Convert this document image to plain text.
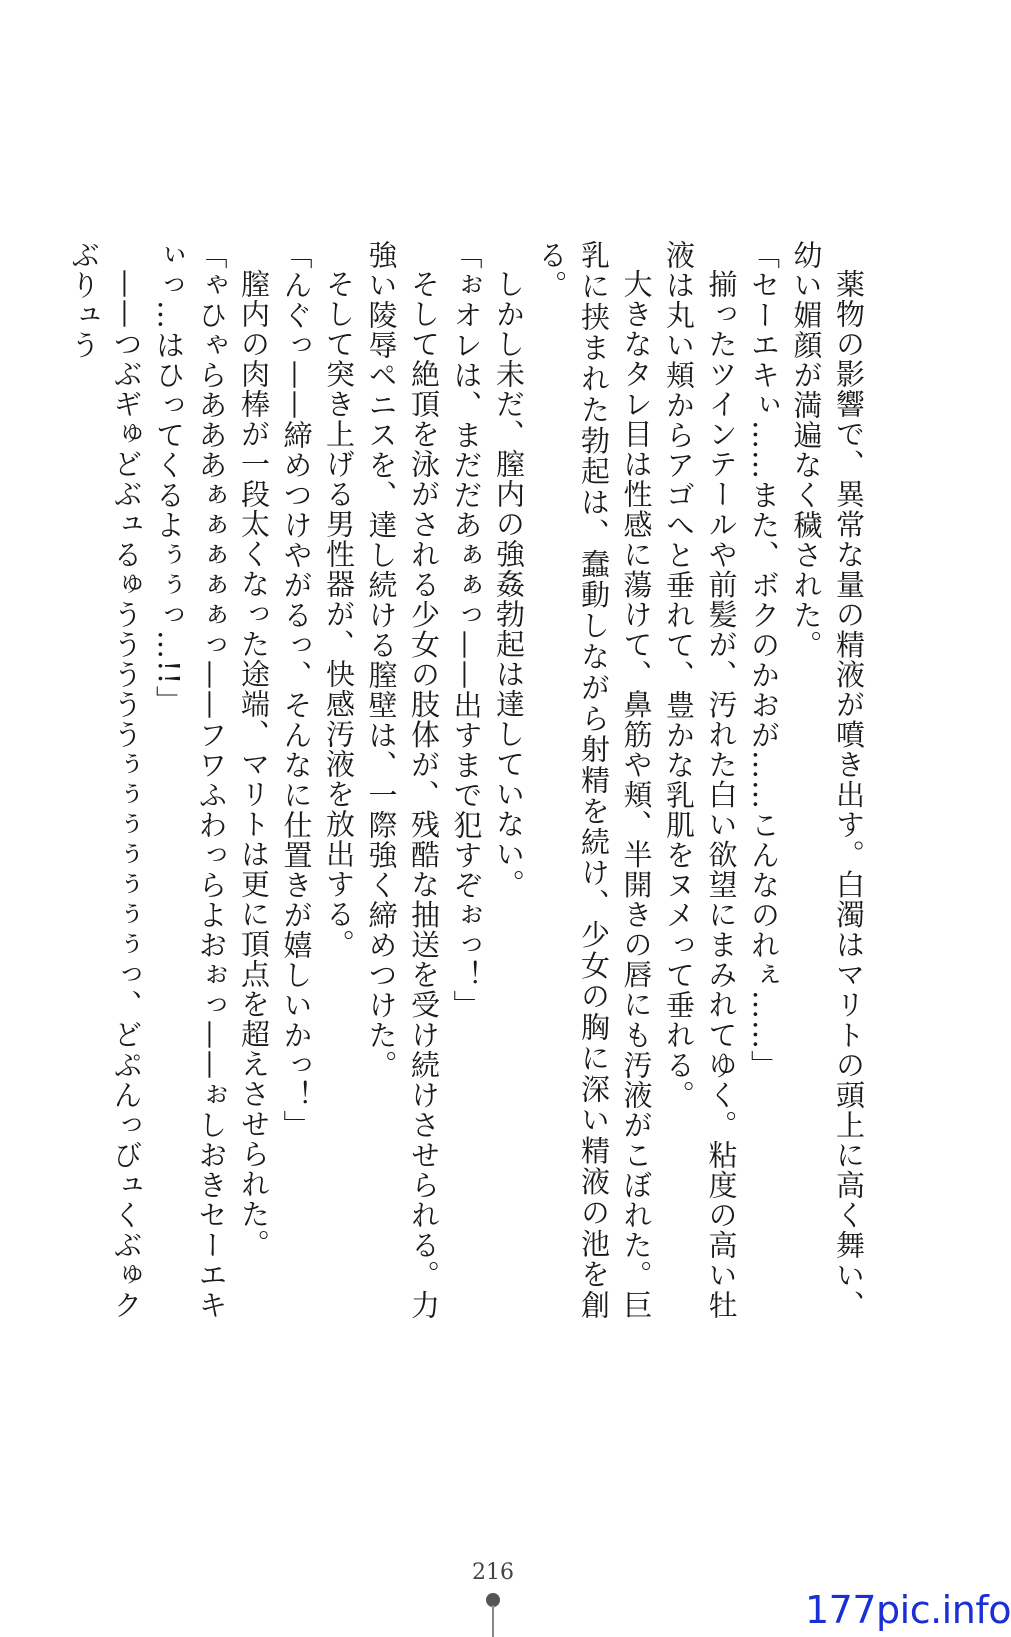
薬物の影響で、異常な量の精液が噴き出す。白濁はマリトの頭上に高く舞い、幼い媚顔が満遍なく穢された。

「セーエキぃ……また、ボクのかおが……こんなのれぇ……」

揃ったツインテールや前髪が、汚れた白い欲望にまみれてゆく。粘度の高い牡液は丸い頬からアゴへと垂れて、豊かな乳肌をヌメって垂れる。

大きなタレ目は性感に蕩けて、鼻筋や頬、半開きの唇にも汚液がこぼれた。巨乳に挟まれた勃起は、蠢動しながら射精を続け、少女の胸に深い精液の池を創る。

しかし未だ、膣内の強姦勃起は達していない。

「ぉオレは、まだだあぁぁっ——出すまで犯すぞぉっ！」

そして絶頂を泳がされる少女の肢体が、残酷な抽送を受け続けさせられる。力強い陵辱ペニスを、達し続ける膣壁は、一際強く締めつけた。

そして突き上げる男性器が、快感汚液を放出する。

「んぐっ——締めつけやがるっ、そんなに仕置きが嬉しいかっ！」

膣内の肉棒が一段太くなった途端、マリトは更に頂点を超えさせられた。

「ゃひゃらあああぁぁぁぁぁっ——フワふわっらよおぉっ——ぉしおきセーエキぃっ…はひってくるよぅぅっ…!!」

——つぶギゅどぶュるゅうううううぅぅぅぅぅぅぅっ、どぷんっびュくぶゅクぶりュう

216
177pic.info
